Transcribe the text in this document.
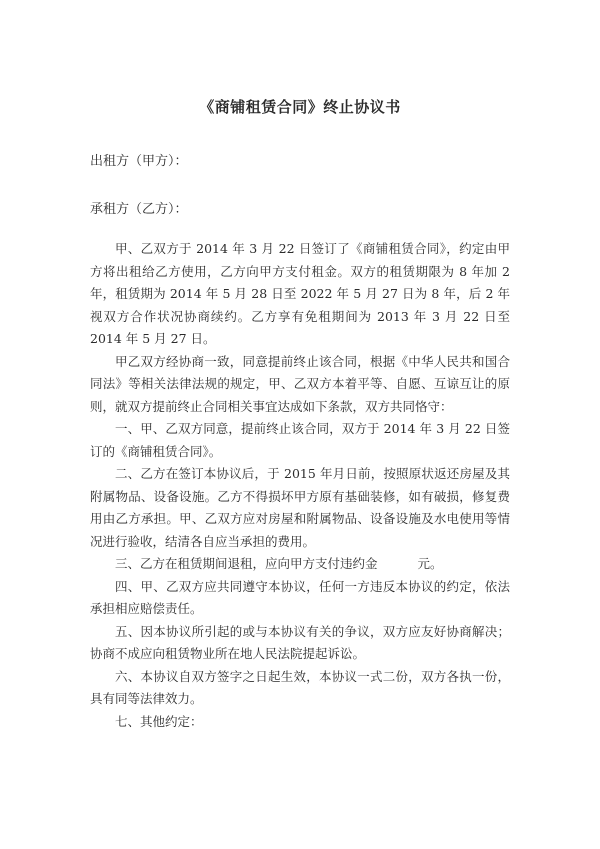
《商铺租赁合同》终止协议书
出租方（甲方）：
承租方（乙方）：

甲、乙双方于 2014 年 3 月 22 日签订了《商铺租赁合同》，约定由甲方将出租给乙方使用，乙方向甲方支付租金。双方的租赁期限为 8 年加 2 年，租赁期为 2014 年 5 月 28 日至 2022 年 5 月 27 日为 8 年，后 2 年视双方合作状况协商续约。乙方享有免租期间为 2013 年 3 月 22 日至 2014 年 5 月 27 日。

甲乙双方经协商一致，同意提前终止该合同，根据《中华人民共和国合同法》等相关法律法规的规定，甲、乙双方本着平等、自愿、互谅互让的原则，就双方提前终止合同相关事宜达成如下条款，双方共同恪守：

一、甲、乙双方同意，提前终止该合同，双方于 2014 年 3 月 22 日签订的《商铺租赁合同》。

二、乙方在签订本协议后，于 2015 年月日前，按照原状返还房屋及其附属物品、设备设施。乙方不得损坏甲方原有基础装修，如有破损，修复费用由乙方承担。甲、乙双方应对房屋和附属物品、设备设施及水电使用等情况进行验收，结清各自应当承担的费用。

三、乙方在租赁期间退租，应向甲方支付违约金	元。

四、甲、乙双方应共同遵守本协议，任何一方违反本协议的约定，依法承担相应赔偿责任。

五、因本协议所引起的或与本协议有关的争议，双方应友好协商解决；协商不成应向租赁物业所在地人民法院提起诉讼。

六、本协议自双方签字之日起生效，本协议一式二份，双方各执一份，具有同等法律效力。

七、其他约定：
